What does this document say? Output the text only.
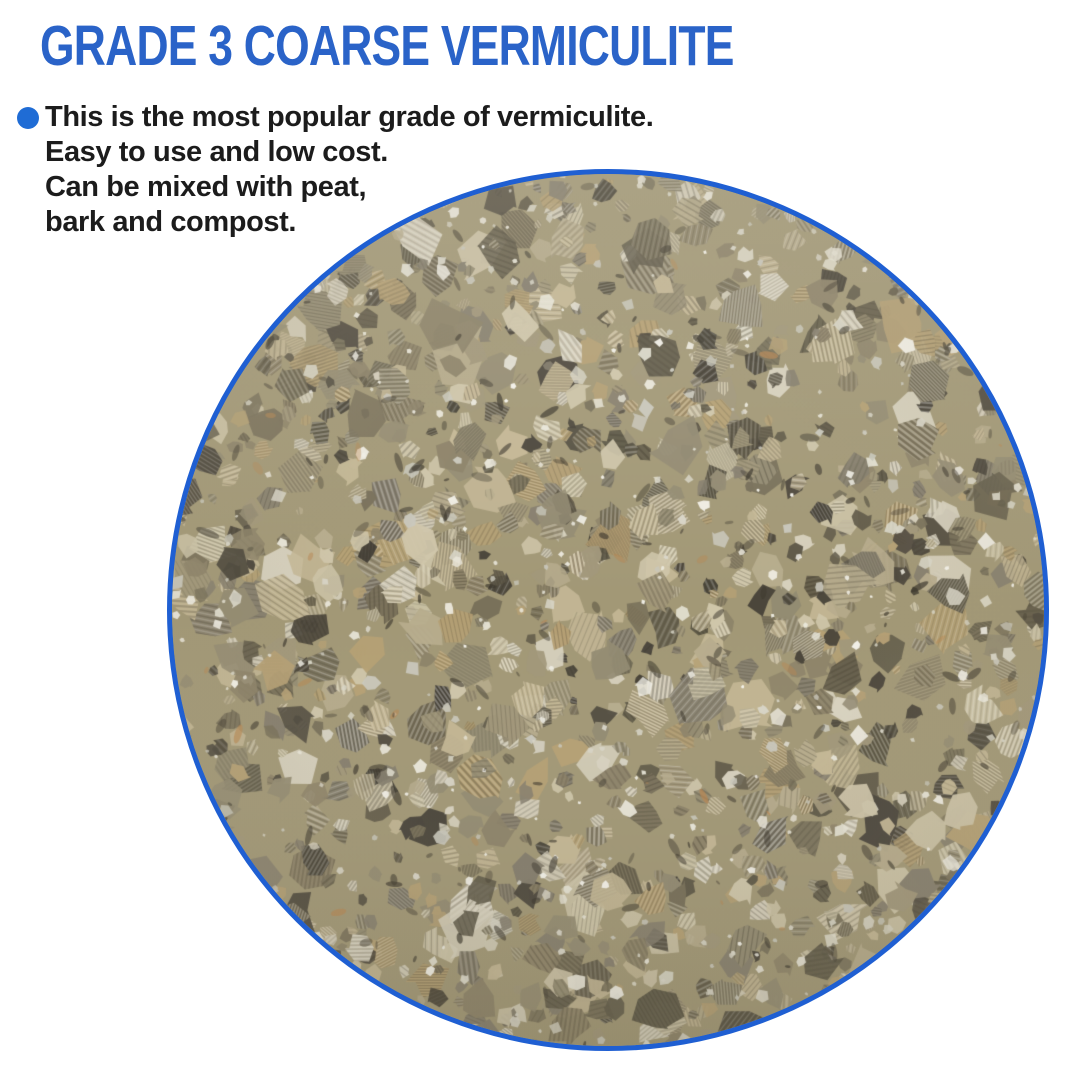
GRADE 3 COARSE VERMICULITE
This is the most popular grade of vermiculite.
Easy to use and low cost.
Can be mixed with peat,
bark and compost.
